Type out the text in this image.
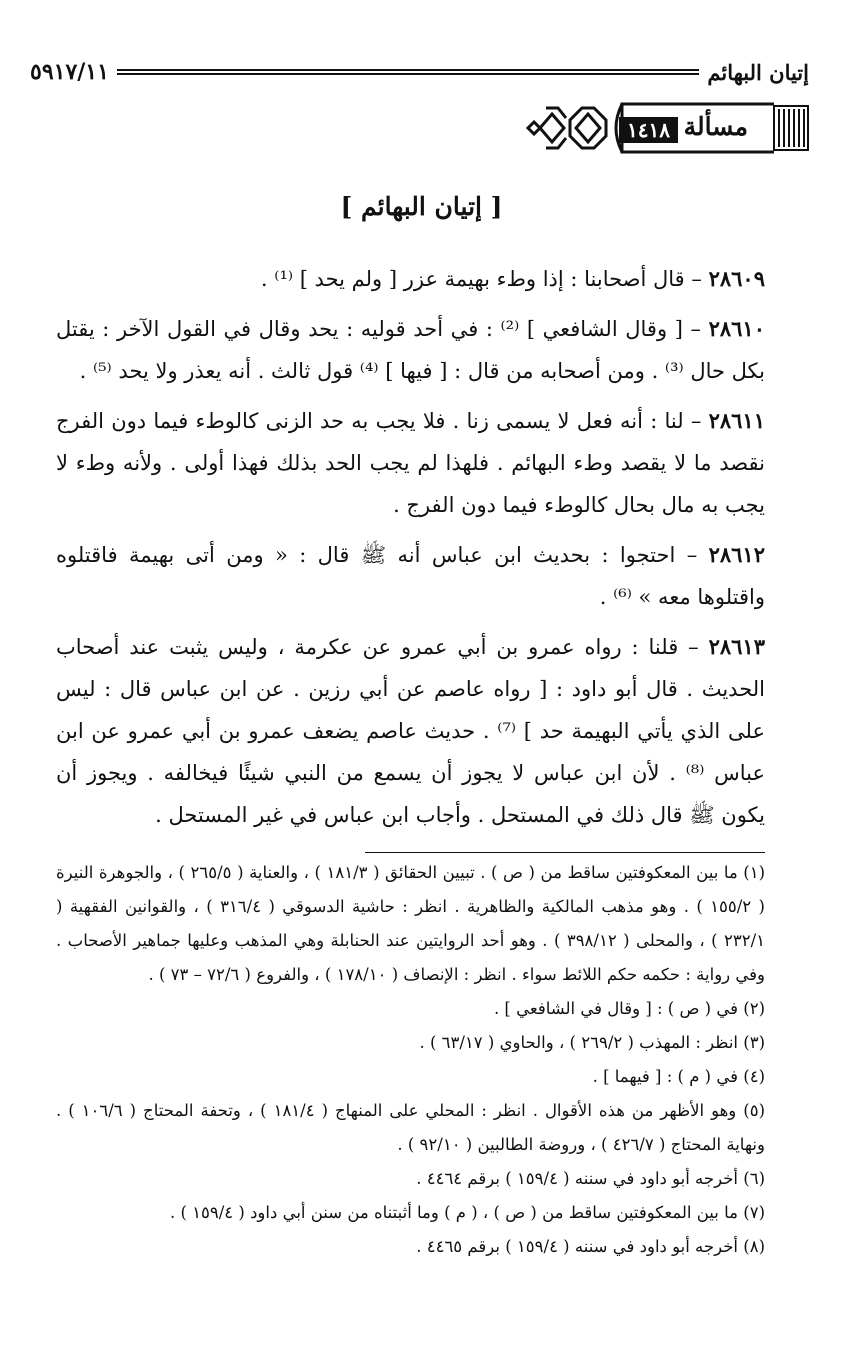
إتيان البهائم
٥٩١٧/١١
مسألة
١٤١٨
[ إتيان البهائم ]

٢٨٦٠٩ – قال أصحابنا : إذا وطء بهيمة عزر [ ولم يحد ] ⁽¹⁾ .

٢٨٦١٠ – [ وقال الشافعي ] ⁽²⁾ : في أحد قوليه : يحد وقال في القول الآخر : يقتل بكل حال ⁽³⁾ . ومن أصحابه من قال : [ فيها ] ⁽⁴⁾ قول ثالث . أنه يعذر ولا يحد ⁽⁵⁾ .

٢٨٦١١ – لنا : أنه فعل لا يسمى زنا . فلا يجب به حد الزنى كالوطء فيما دون الفرج نقصد ما لا يقصد وطء البهائم . فلهذا لم يجب الحد بذلك فهذا أولى . ولأنه وطء لا يجب به مال بحال كالوطء فيما دون الفرج .

٢٨٦١٢ – احتجوا : بحديث ابن عباس أنه ﷺ قال : « ومن أتى بهيمة فاقتلوه واقتلوها معه » ⁽⁶⁾ .

٢٨٦١٣ – قلنا : رواه عمرو بن أبي عمرو عن عكرمة ، وليس يثبت عند أصحاب الحديث . قال أبو داود : [ رواه عاصم عن أبي رزين . عن ابن عباس قال : ليس على الذي يأتي البهيمة حد ] ⁽⁷⁾ . حديث عاصم يضعف عمرو بن أبي عمرو عن ابن عباس ⁽⁸⁾ . لأن ابن عباس لا يجوز أن يسمع من النبي شيئًا فيخالفه . ويجوز أن يكون ﷺ قال ذلك في المستحل . وأجاب ابن عباس في غير المستحل .

(١) ما بين المعكوفتين ساقط من ( ص ) . تبيين الحقائق ( ١٨١/٣ ) ، والعناية ( ٢٦٥/٥ ) ، والجوهرة النيرة ( ١٥٥/٢ ) . وهو مذهب المالكية والظاهرية . انظر : حاشية الدسوقي ( ٣١٦/٤ ) ، والقوانين الفقهية ( ٢٣٢/١ ) ، والمحلى ( ٣٩٨/١٢ ) . وهو أحد الروايتين عند الحنابلة وهي المذهب وعليها جماهير الأصحاب . وفي رواية : حكمه حكم اللائط سواء . انظر : الإنصاف ( ١٧٨/١٠ ) ، والفروع ( ٧٢/٦ – ٧٣ ) .

(٢) في ( ص ) : [ وقال في الشافعي ] .

(٣) انظر : المهذب ( ٢٦٩/٢ ) ، والحاوي ( ٦٣/١٧ ) .

(٤) في ( م ) : [ فيهما ] .

(٥) وهو الأظهر من هذه الأقوال . انظر : المحلي على المنهاج ( ١٨١/٤ ) ، وتحفة المحتاج ( ١٠٦/٦ ) . ونهاية المحتاج ( ٤٢٦/٧ ) ، وروضة الطالبين ( ٩٢/١٠ ) .

(٦) أخرجه أبو داود في سننه ( ١٥٩/٤ ) برقم ٤٤٦٤ .

(٧) ما بين المعكوفتين ساقط من ( ص ) ، ( م ) وما أثبتناه من سنن أبي داود ( ١٥٩/٤ ) .

(٨) أخرجه أبو داود في سننه ( ١٥٩/٤ ) برقم ٤٤٦٥ .
